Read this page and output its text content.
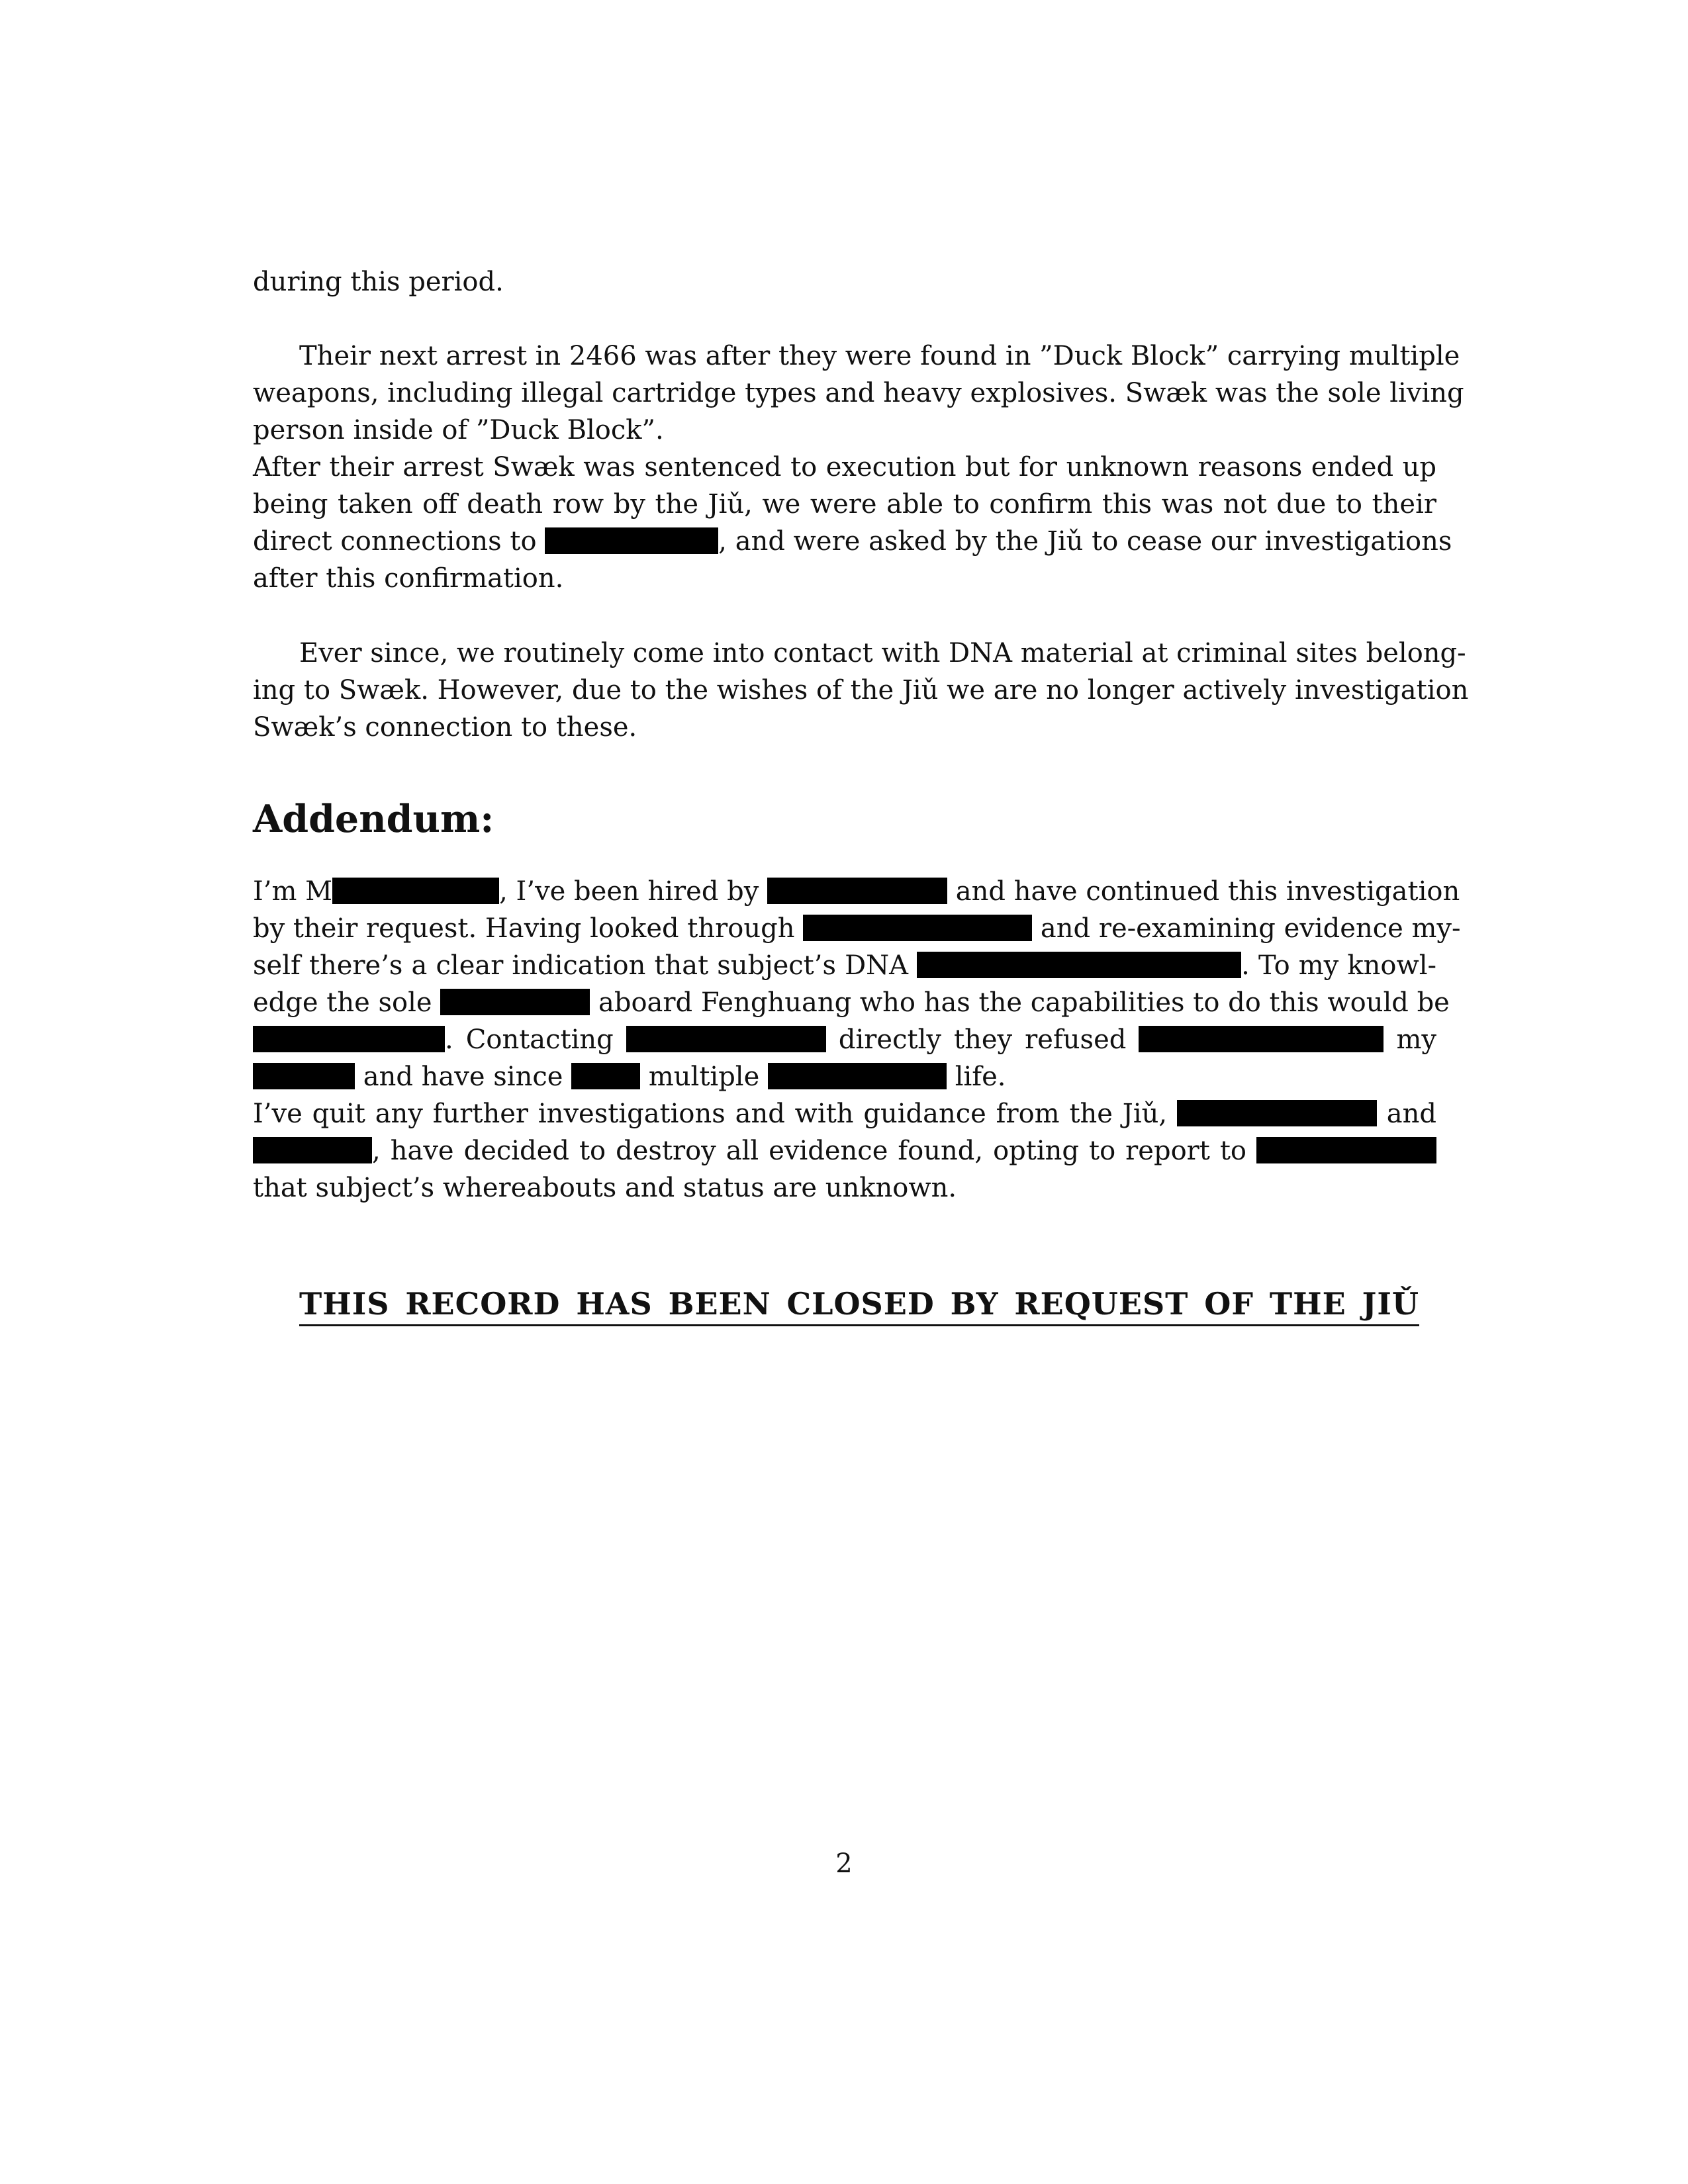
during this period.
Their next arrest in 2466 was after they were found in ”Duck Block” carrying multiple
weapons, including illegal cartridge types and heavy explosives. Swæk was the sole living
person inside of ”Duck Block”.
After their arrest Swæk was sentenced to execution but for unknown reasons ended up
being taken off death row by the Jiǔ, we were able to confirm this was not due to their
direct connections to	, and were asked by the Jiǔ to cease our investigations
after this confirmation.
Ever since, we routinely come into contact with DNA material at criminal sites belong-
ing to Swæk. However, due to the wishes of the Jiǔ we are no longer actively investigation
Swæk’s connection to these.
Addendum:
I’m M	, I’ve been hired by	and have continued this investigation
by their request. Having looked through	and re-examining evidence my-
self there’s a clear indication that subject’s DNA	. To my knowl-
edge the sole	aboard Fenghuang who has the capabilities to do this would be
. Contacting	directly they refused	my
and have since	multiple	life.
I’ve quit any further investigations and with guidance from the Jiǔ,	and
, have decided to destroy all evidence found, opting to report to
that subject’s whereabouts and status are unknown.
THIS RECORD HAS BEEN CLOSED BY REQUEST OF THE JIǓ
2
